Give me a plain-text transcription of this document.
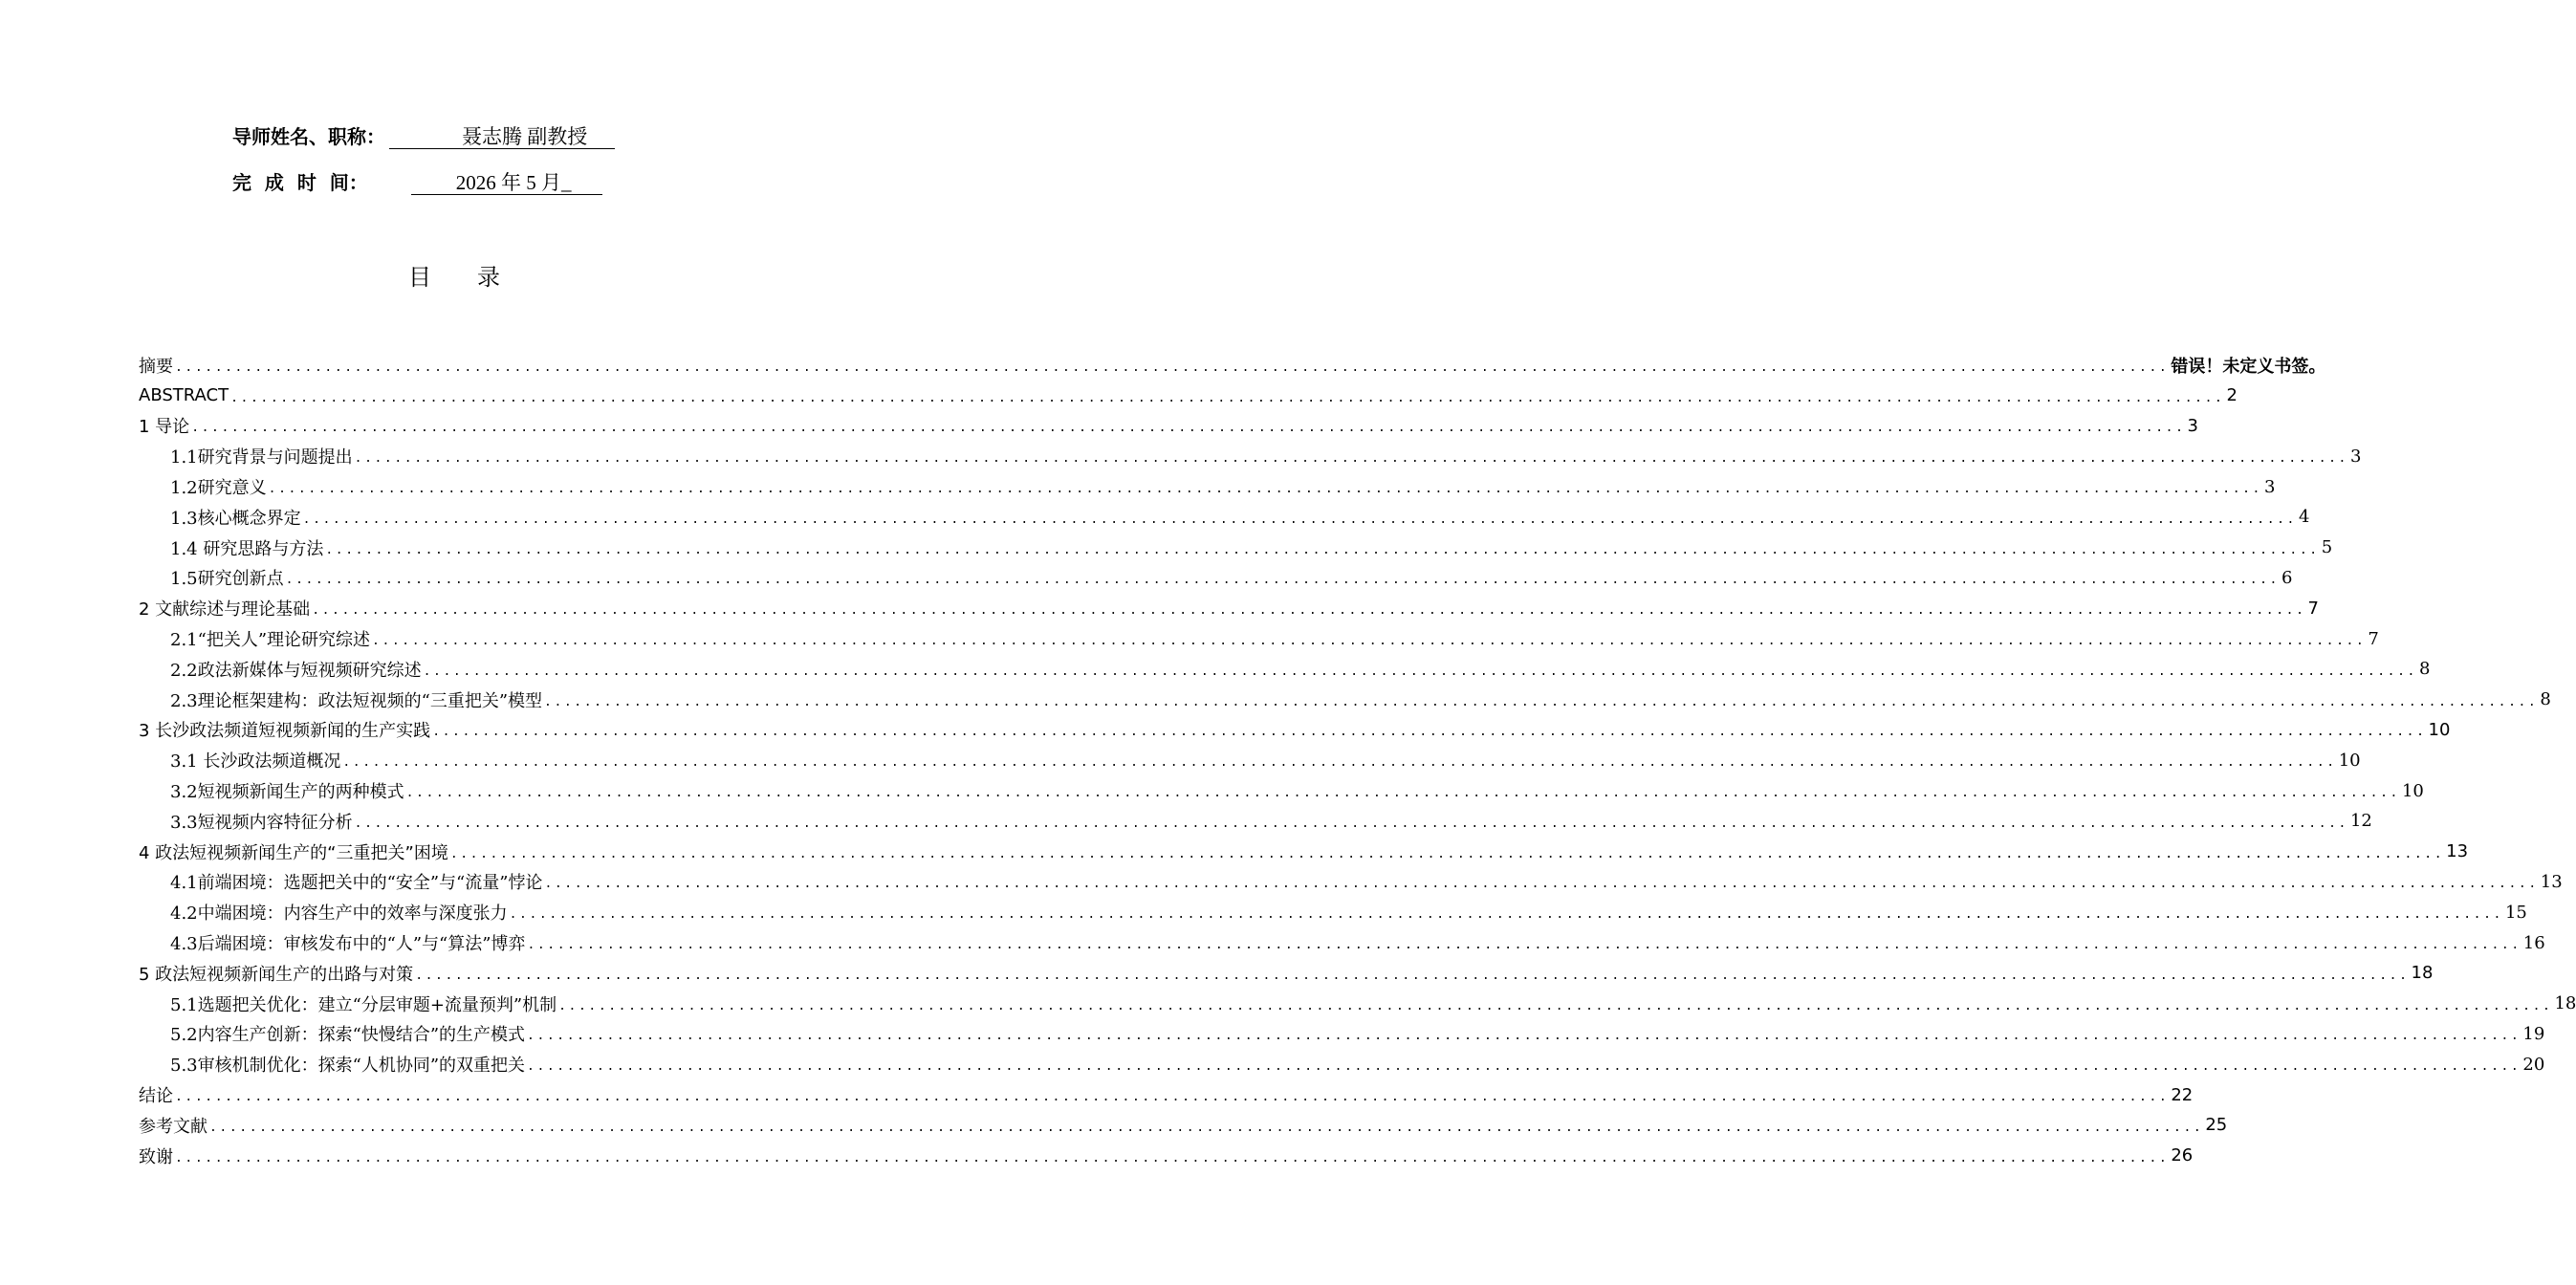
导师姓名、职称：	聂志腾 副教授
完  成  时  间：	2026 年 5 月_
目录
摘要 ........................................................................................................................................................................................................ 错误！未定义书签。
ABSTRACT ........................................................................................................................................................................................................ 2
1 导论 ........................................................................................................................................................................................................ 3
1.1研究背景与问题提出 ........................................................................................................................................................................................................ 3
1.2研究意义 ........................................................................................................................................................................................................ 3
1.3核心概念界定 ........................................................................................................................................................................................................ 4
1.4 研究思路与方法 ........................................................................................................................................................................................................ 5
1.5研究创新点 ........................................................................................................................................................................................................ 6
2 文献综述与理论基础 ........................................................................................................................................................................................................ 7
2.1“把关人”理论研究综述 ........................................................................................................................................................................................................ 7
2.2政法新媒体与短视频研究综述 ........................................................................................................................................................................................................ 8
2.3理论框架建构：政法短视频的“三重把关”模型 ........................................................................................................................................................................................................ 8
3 长沙政法频道短视频新闻的生产实践 ........................................................................................................................................................................................................ 10
3.1 长沙政法频道概况 ........................................................................................................................................................................................................ 10
3.2短视频新闻生产的两种模式 ........................................................................................................................................................................................................ 10
3.3短视频内容特征分析 ........................................................................................................................................................................................................ 12
4 政法短视频新闻生产的“三重把关”困境 ........................................................................................................................................................................................................ 13
4.1前端困境：选题把关中的“安全”与“流量”悖论 ........................................................................................................................................................................................................ 13
4.2中端困境：内容生产中的效率与深度张力 ........................................................................................................................................................................................................ 15
4.3后端困境：审核发布中的“人”与“算法”博弈 ........................................................................................................................................................................................................ 16
5 政法短视频新闻生产的出路与对策 ........................................................................................................................................................................................................ 18
5.1选题把关优化：建立“分层审题+流量预判”机制 ........................................................................................................................................................................................................ 18
5.2内容生产创新：探索“快慢结合”的生产模式 ........................................................................................................................................................................................................ 19
5.3审核机制优化：探索“人机协同”的双重把关 ........................................................................................................................................................................................................ 20
结论 ........................................................................................................................................................................................................ 22
参考文献 ........................................................................................................................................................................................................ 25
致谢 ........................................................................................................................................................................................................ 26
